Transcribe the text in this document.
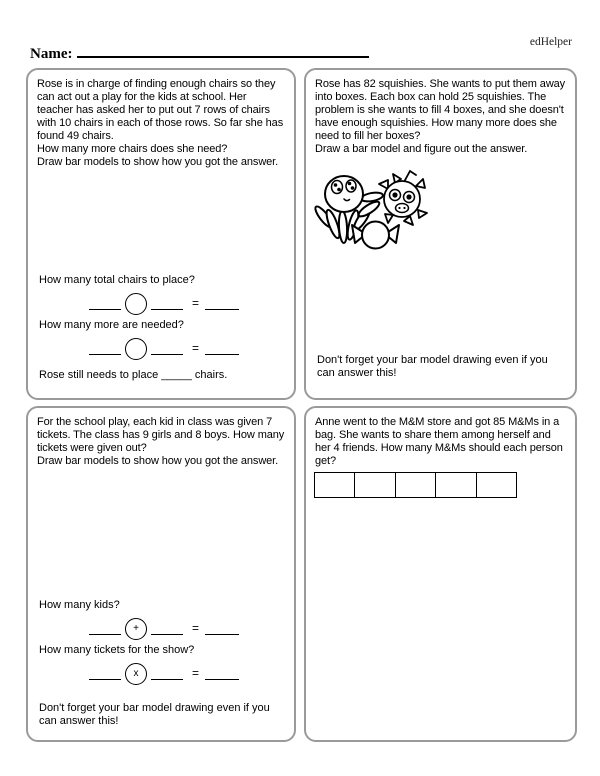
edHelper
Name:
Rose is in charge of finding enough chairs so they can act out a play for the kids at school. Her teacher has asked her to put out 7 rows of chairs with 10 chairs in each of those rows. So far she has found 49 chairs.
How many more chairs does she need?
Draw bar models to show how you got the answer.
How many total chairs to place?
=
How many more are needed?
=
Rose still needs to place _____ chairs.
Rose has 82 squishies. She wants to put them away into boxes. Each box can hold 25 squishies. The problem is she wants to fill 4 boxes, and she doesn't have enough squishies. How many more does she need to fill her boxes?
Draw a bar model and figure out the answer.
Don't forget your bar model drawing even if you can answer this!
For the school play, each kid in class was given 7 tickets. The class has 9 girls and 8 boys. How many tickets were given out?
Draw bar models to show how you got the answer.
How many kids?
+	=
How many tickets for the show?
x	=
Don't forget your bar model drawing even if you can answer this!
Anne went to the M&M store and got 85 M&Ms in a bag. She wants to share them among herself and her 4 friends. How many M&Ms should each person get?
